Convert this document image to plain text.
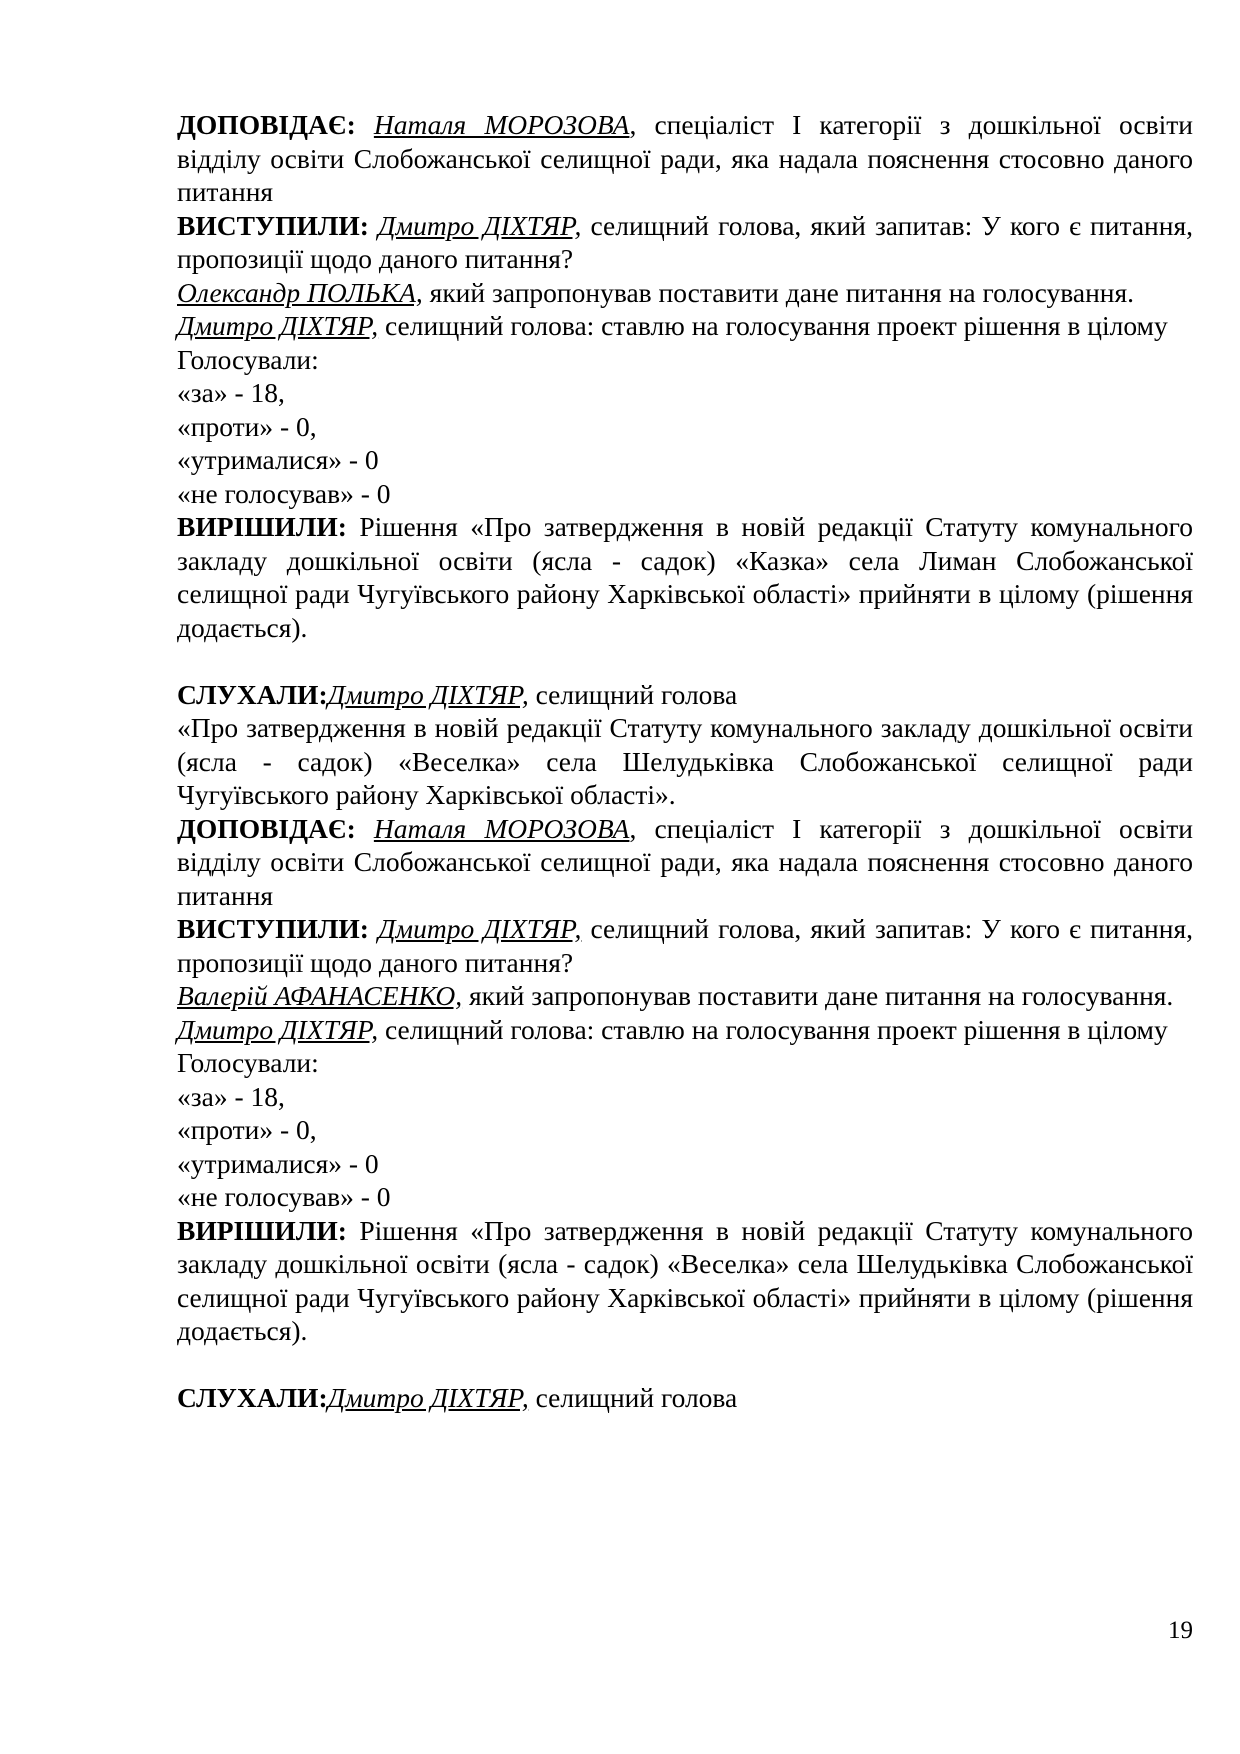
ДОПОВІДАЄ: Наталя МОРОЗОВА, спеціаліст І категорії з дошкільної освіти відділу освіти Слобожанської селищної ради, яка надала пояснення стосовно даного питання

ВИСТУПИЛИ: Дмитро ДІХТЯР, селищний голова, який запитав: У кого є питання, пропозиції щодо даного питання?

Олександр ПОЛЬКА, який запропонував поставити дане питання на голосування.

Дмитро ДІХТЯР, селищний голова: ставлю на голосування проект рішення в цілому

Голосували:

«за» - 18,

«проти» - 0,

«утрималися» - 0

«не голосував» - 0

ВИРІШИЛИ: Рішення «Про затвердження в новій редакції Статуту комунального закладу дошкільної освіти (ясла - садок) «Казка» села Лиман Слобожанської селищної ради Чугуївського району Харківської області» прийняти в цілому (рішення додається).

СЛУХАЛИ:Дмитро ДІХТЯР, селищний голова

«Про затвердження в новій редакції Статуту комунального закладу дошкільної освіти (ясла - садок) «Веселка» села Шелудьківка Слобожанської селищної ради Чугуївського району Харківської області».

ДОПОВІДАЄ: Наталя МОРОЗОВА, спеціаліст І категорії з дошкільної освіти відділу освіти Слобожанської селищної ради, яка надала пояснення стосовно даного питання

ВИСТУПИЛИ: Дмитро ДІХТЯР, селищний голова, який запитав: У кого є питання, пропозиції щодо даного питання?

Валерій АФАНАСЕНКО, який запропонував поставити дане питання на голосування.

Дмитро ДІХТЯР, селищний голова: ставлю на голосування проект рішення в цілому

Голосували:

«за» - 18,

«проти» - 0,

«утрималися» - 0

«не голосував» - 0

ВИРІШИЛИ: Рішення «Про затвердження в новій редакції Статуту комунального закладу дошкільної освіти (ясла - садок) «Веселка» села Шелудьківка Слобожанської селищної ради Чугуївського району Харківської області» прийняти в цілому (рішення додається).

СЛУХАЛИ:Дмитро ДІХТЯР, селищний голова

19
